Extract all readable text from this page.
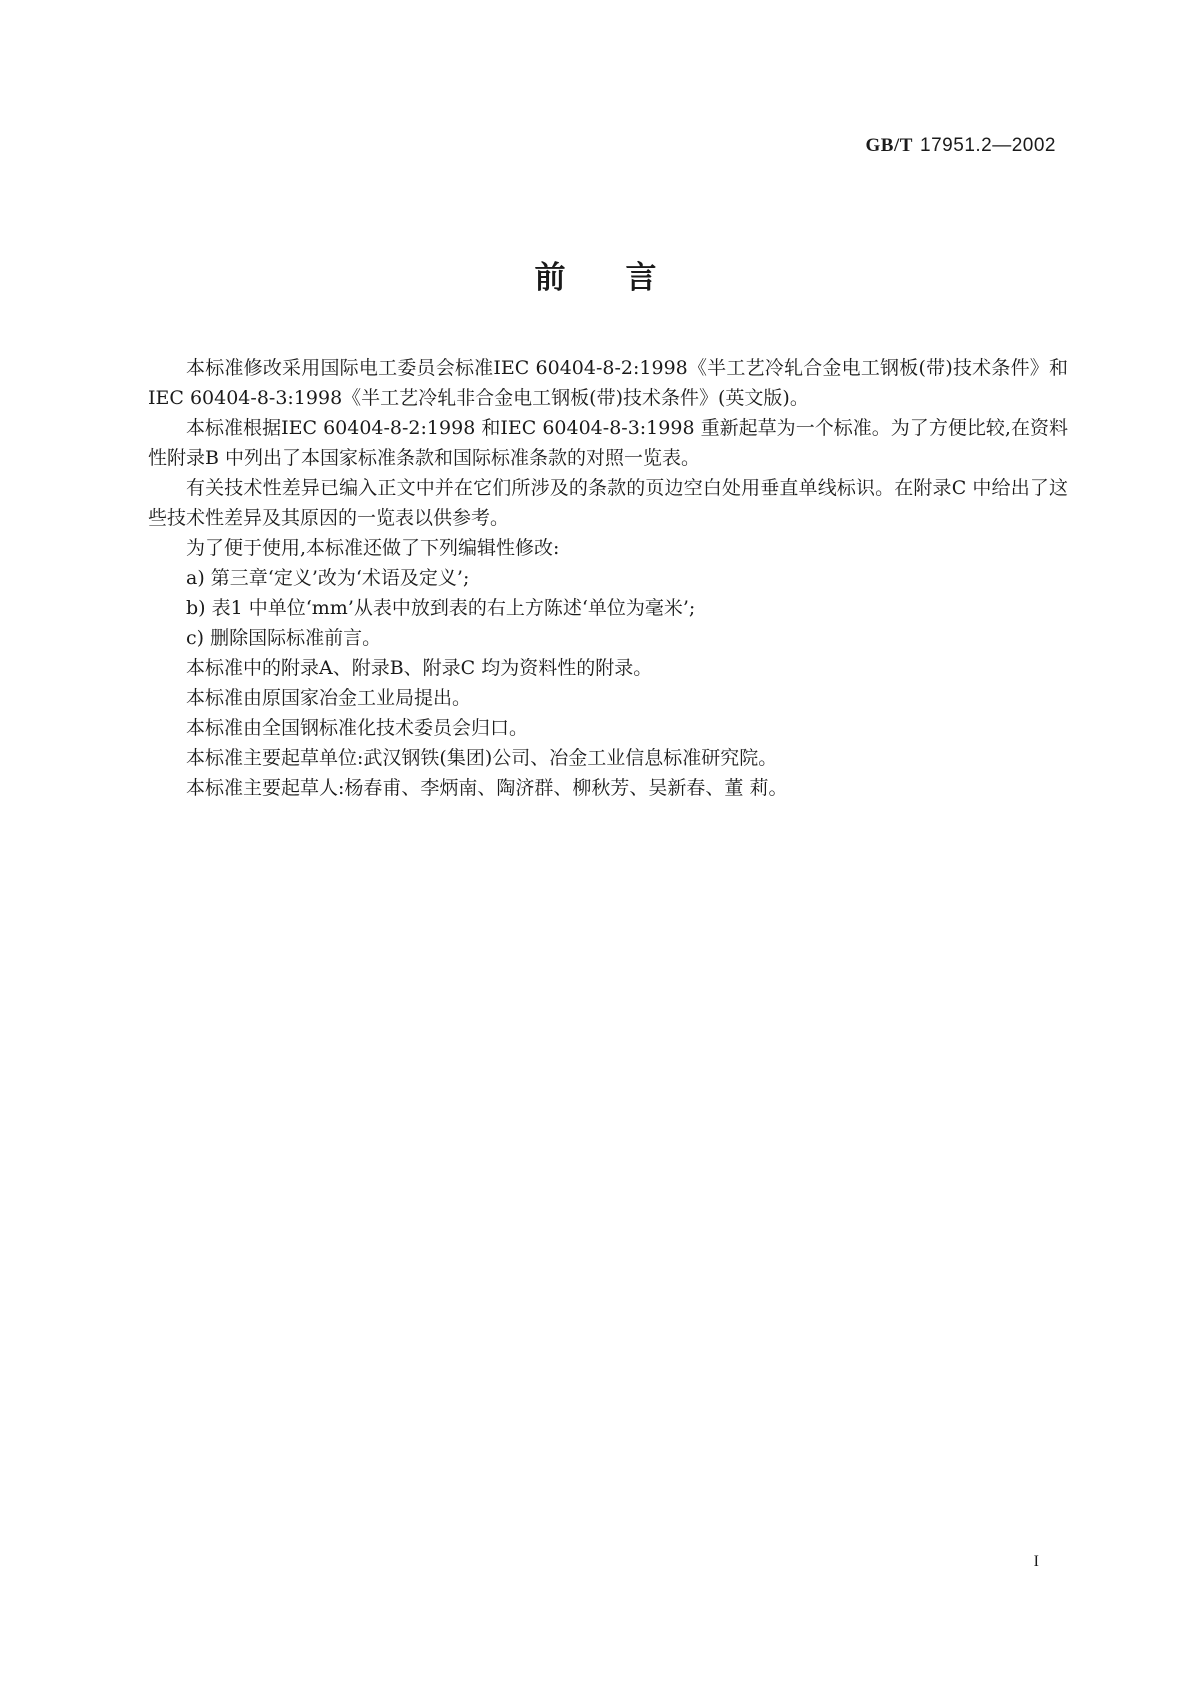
GB/T 17951.2—2002
前言

本标准修改采用国际电工委员会标准IEC 60404-8-2:1998《半工艺冷轧合金电工钢板(带)技术条件》和IEC 60404-8-3:1998《半工艺冷轧非合金电工钢板(带)技术条件》(英文版)。

本标准根据IEC 60404-8-2:1998 和IEC 60404-8-3:1998 重新起草为一个标准。为了方便比较,在资料性附录B 中列出了本国家标准条款和国际标准条款的对照一览表。

有关技术性差异已编入正文中并在它们所涉及的条款的页边空白处用垂直单线标识。在附录C 中给出了这些技术性差异及其原因的一览表以供参考。

为了便于使用,本标准还做了下列编辑性修改:

a) 第三章‘定义’改为‘术语及定义’;

b) 表1 中单位‘mm’从表中放到表的右上方陈述‘单位为毫米’;

c) 删除国际标准前言。

本标准中的附录A、附录B、附录C 均为资料性的附录。

本标准由原国家冶金工业局提出。

本标准由全国钢标准化技术委员会归口。

本标准主要起草单位:武汉钢铁(集团)公司、冶金工业信息标准研究院。

本标准主要起草人:杨春甫、李炳南、陶济群、柳秋芳、吴新春、董 莉。

I
